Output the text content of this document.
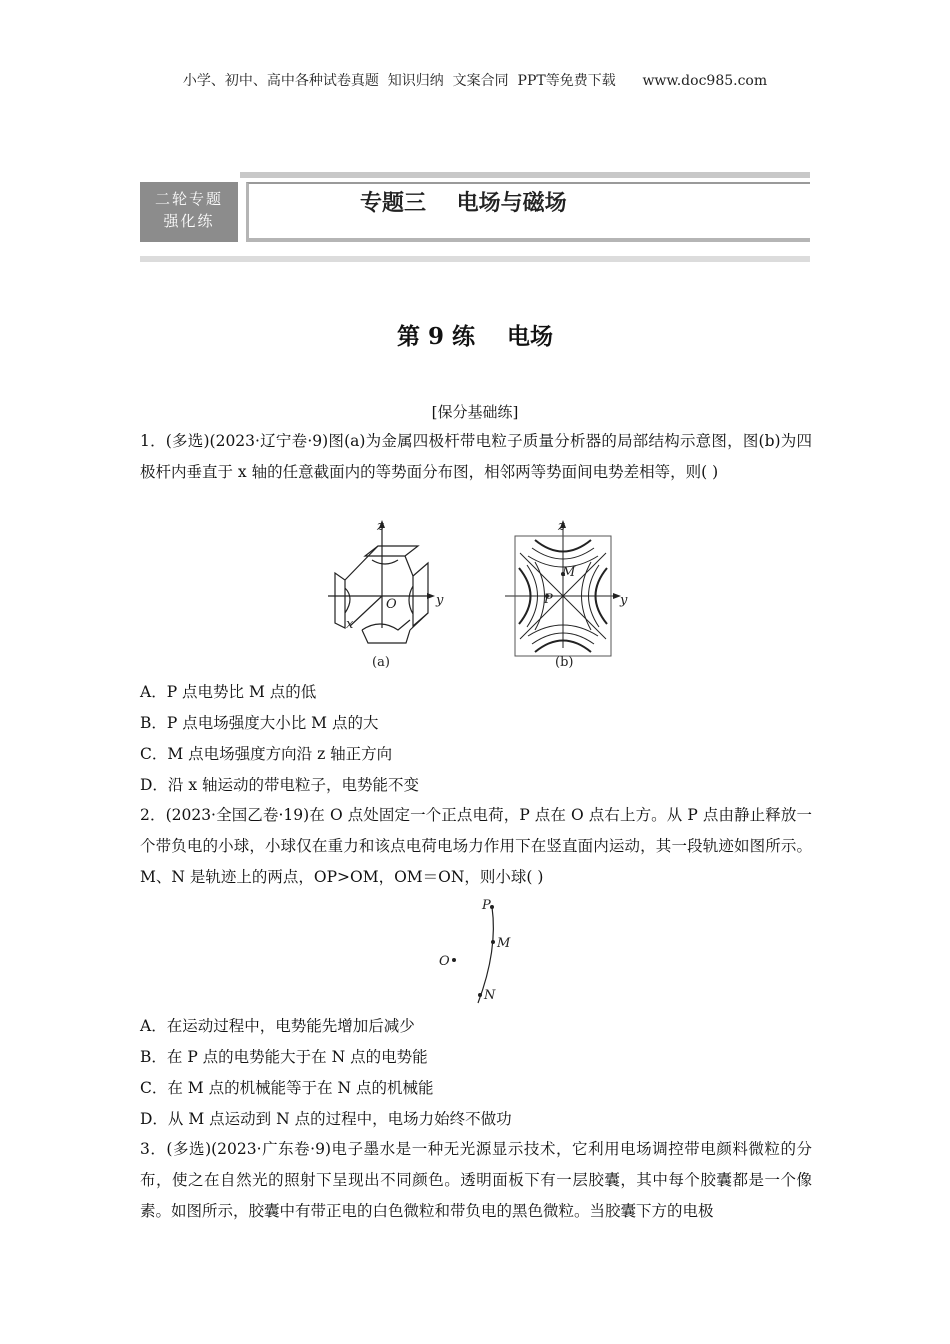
小学、初中、高中各种试卷真题  知识归纳  文案合同  PPT等免费下载      www.doc985.com
二轮专题
强化练
专题三    电场与磁场
第 9 练    电场
[保分基础练]
1．(多选)(2023·辽宁卷·9)图(a)为金属四极杆带电粒子质量分析器的局部结构示意图，图(b)为四极杆内垂直于 x 轴的任意截面内的等势面分布图，相邻两等势面间电势差相等，则( )
z
y
x
O
(a)
z
y
M
P
(b)
A．P 点电势比 M 点的低
B．P 点电场强度大小比 M 点的大
C．M 点电场强度方向沿 z 轴正方向
D．沿 x 轴运动的带电粒子，电势能不变
2．(2023·全国乙卷·19)在 O 点处固定一个正点电荷，P 点在 O 点右上方。从 P 点由静止释放一个带负电的小球，小球仅在重力和该点电荷电场力作用下在竖直面内运动，其一段轨迹如图所示。M、N 是轨迹上的两点，OP>OM，OM＝ON，则小球( )
P
M
O
N
A．在运动过程中，电势能先增加后减少
B．在 P 点的电势能大于在 N 点的电势能
C．在 M 点的机械能等于在 N 点的机械能
D．从 M 点运动到 N 点的过程中，电场力始终不做功
3．(多选)(2023·广东卷·9)电子墨水是一种无光源显示技术，它利用电场调控带电颜料微粒的分布，使之在自然光的照射下呈现出不同颜色。透明面板下有一层胶囊，其中每个胶囊都是一个像素。如图所示，胶囊中有带正电的白色微粒和带负电的黑色微粒。当胶囊下方的电极
